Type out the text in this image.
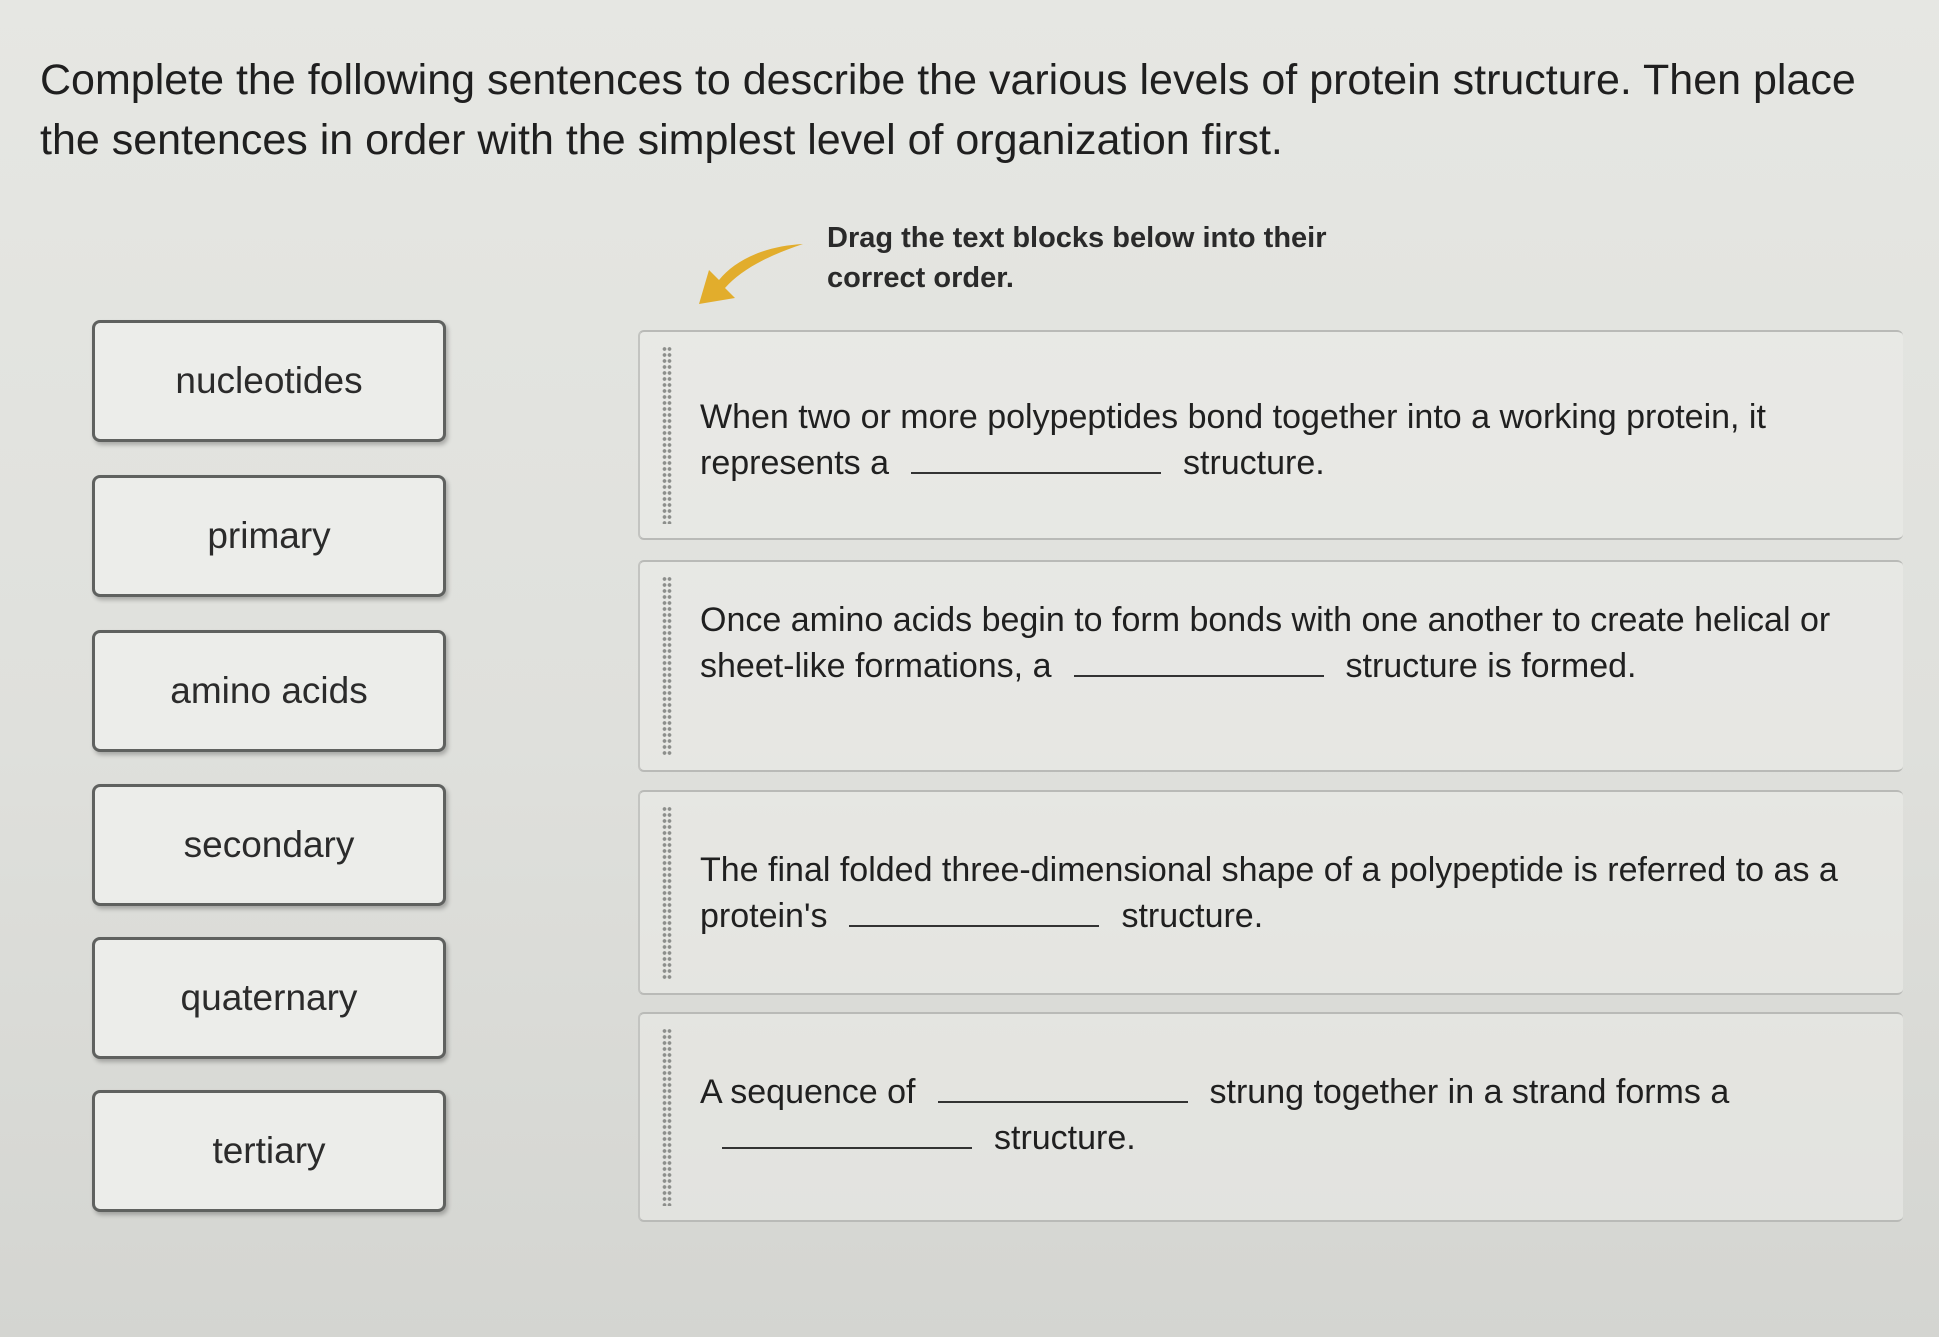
Complete the following sentences to describe the various levels of protein structure. Then place the sentences in order with the simplest level of organization first.
Drag the text blocks below into their correct order.
nucleotides
primary
amino acids
secondary
quaternary
tertiary
When two or more polypeptides bond together into a working protein, it represents a	structure.
Once amino acids begin to form bonds with one another to create helical or sheet-like formations, a	structure is formed.
The final folded three-dimensional shape of a polypeptide is referred to as a protein's	structure.
A sequence of	strung together in a strand forms astructure.
